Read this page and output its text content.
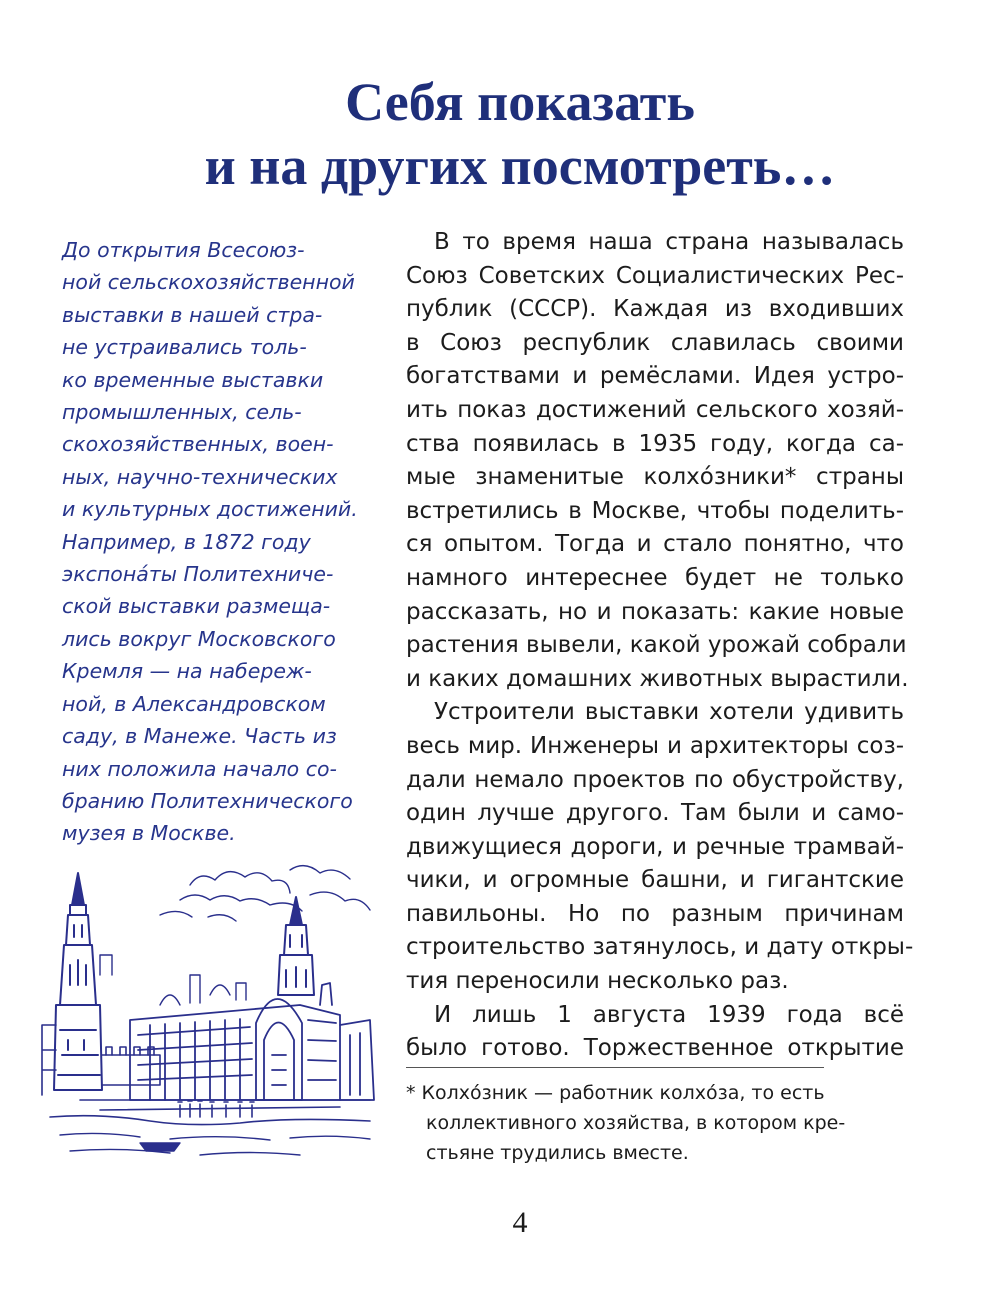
Себя показать
и на других посмотреть…
До открытия Всесоюз-
ной сельскохозяйственной
выставки в нашей стра-
не устраивались толь-
ко временные выставки
промышленных, сель-
скохозяйственных, воен-
ных, научно-технических
и культурных достижений.
Например, в 1872 году
экспонáты Политехниче-
ской выставки размеща-
лись вокруг Московского
Кремля — на набереж-
ной, в Александровском
саду, в Манеже. Часть из
них положила начало со-
бранию Политехнического
музея в Москве.
В то время наша страна называлась
Союз Советских Социалистических Рес-
публик (СССР). Каждая из входивших
в Союз республик славилась своими
богатствами и ремёслами. Идея устро-
ить показ достижений сельского хозяй-
ства появилась в 1935 году, когда са-
мые знаменитые колхóзники* страны
встретились в Москве, чтобы поделить-
ся опытом. Тогда и стало понятно, что
намного интереснее будет не только
рассказать, но и показать: какие новые
растения вывели, какой урожай собрали
и каких домашних животных вырастили.
Устроители выставки хотели удивить
весь мир. Инженеры и архитекторы соз-
дали немало проектов по обустройству,
один лучше другого. Там были и само-
движущиеся дороги, и речные трамвай-
чики, и огромные башни, и гигантские
павильоны. Но по разным причинам
строительство затянулось, и дату откры-
тия переносили несколько раз.
И лишь 1 августа 1939 года всё
было готово. Торжественное открытие
* Колхóзник — работник колхóза, то есть
коллективного хозяйства, в котором кре-
стьяне трудились вместе.
4
